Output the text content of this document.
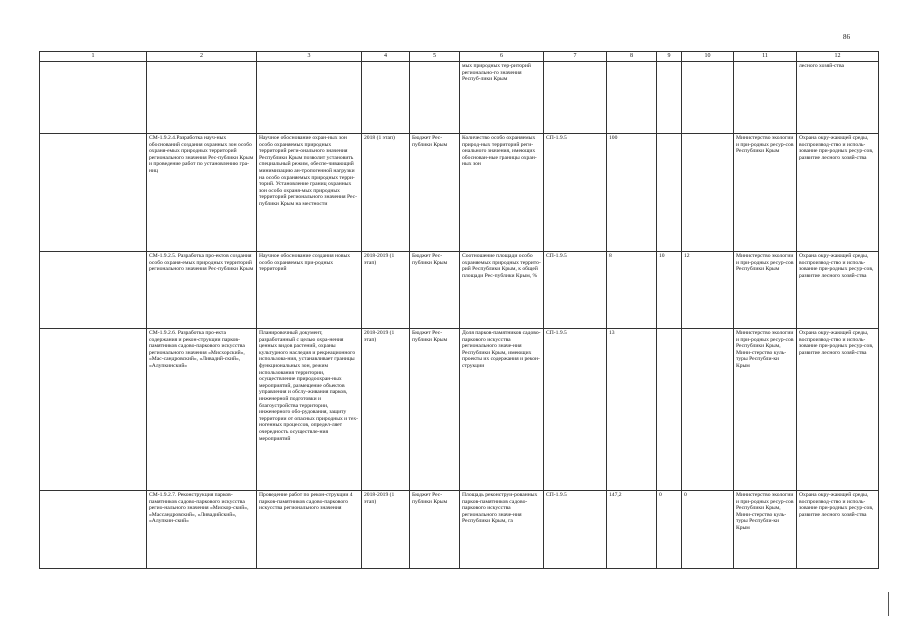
86
1	2	3	4	5	6	7	8	9	10	11	12
					мых природных тер-риторий регионально-го значения Респуб-лики Крым						лесного хозяй-ства
	СМ-1.9.2.4.Разработка науч-ных обоснований создания охранных зон особо охраня-емых природных территорий регионального значения Рес-публики Крым и проведение работ по установлению гра-ниц	Научное обоснование охран-ных зон особо охраняемых природных территорий реги-онального значения Республики Крым позволит установить специальный режим, обеспе-чивающий минимизацию ан-тропогенной нагрузки на особо охраняемых природных терри-торий. Установление границ охранных зон особо охраня-мых природных территорий регионального значения Рес-публики Крым на местности	2018 (1 этап)	Бюджет Рес-публики Крым	Количество особо охраняемых природ-ных территорий реги-онального значения, имеющих обоснован-ные границы охран-ных зон	СП-1.9.5	100			Министерство экологии и при-родных ресур-сов Республики Крым	Охрана окру-жающей среды, воспроизвод-ство и исполь-зование при-родных ресур-сов, развитие лесного хозяй-ства
	СМ-1.9.2.5. Разработка про-ектов создания особо охраня-емых природных территорий регионального значения Рес-публики Крым	Научное обоснование создания новых особо охраняемых при-родных территорий	2018-2019 (1 этап)	Бюджет Рес-публики Крым	Соотношение площади особо охраняемых природных террито-рий Республики Крым, к общей площади Рес-публики Крым, %	СП-1.9.5	8	10	12	Министерство экологии и при-родных ресур-сов Республики Крым	Охрана окру-жающей среды, воспроизвод-ство и исполь-зование при-родных ресур-сов, развитие лесного хозяй-ства
	СМ-1.9.2.6. Разработка про-екта содержания и рекон-струкции парков-памятников садово-паркового искусства регионального значения «Мисхорский», «Мас-сандровский», «Ливадий-ский», «Алупкинский»	Планировочный документ, разработанный с целью охра-нения ценных видов растений, охраны культурного наследия и рекреационного использова-ния, устанавливает границы функциональных зон, режим использования территории, осуществление природоохран-ных мероприятий, размещение объектов управления и обслу-живания парков, инженерной подготовки и благоустройства территории, инженерного обо-рудования, защиту территории от опасных природных и тех-ногенных процессов, определ-ляет очередность осуществле-ния мероприятий	2018-2019 (1 этап)	Бюджет Рес-публики Крым	Доля парков-памятников садово-паркового искусства регионального значе-ния Республики Крым, имеющих проекты их содержания и рекон-струкции	СП-1.9.5	13			Министерство экологии и при-родных ресур-сов Республики Крым, Мини-стерство куль-туры Республи-ки Крым	Охрана окру-жающей среды, воспроизвод-ство и исполь-зование при-родных ресур-сов, развитие лесного хозяй-ства
	СМ-1.9.2.7. Реконструкция парков-памятников садово-паркового искусства регио-нального значения «Мискор-ский», «Массандровский», «Ливадийский», «Алупкин-ский»	Проведение работ по рекон-струкции 4 парков-памятников садово-паркового искусства регионального значения	2018-2019 (1 этап)	Бюджет Рес-публики Крым	Площадь реконструи-рованных парков-памятников садово-паркового искусства регионального значе-ния Республики Крым, га	СП-1.9.5	147,2	0	0	Министерство экологии и при-родных ресур-сов Республики Крым, Мини-стерство куль-туры Республи-ки Крым	Охрана окру-жающей среды, воспроизвод-ство и исполь-зование при-родных ресур-сов, развитие лесного хозяй-ства
